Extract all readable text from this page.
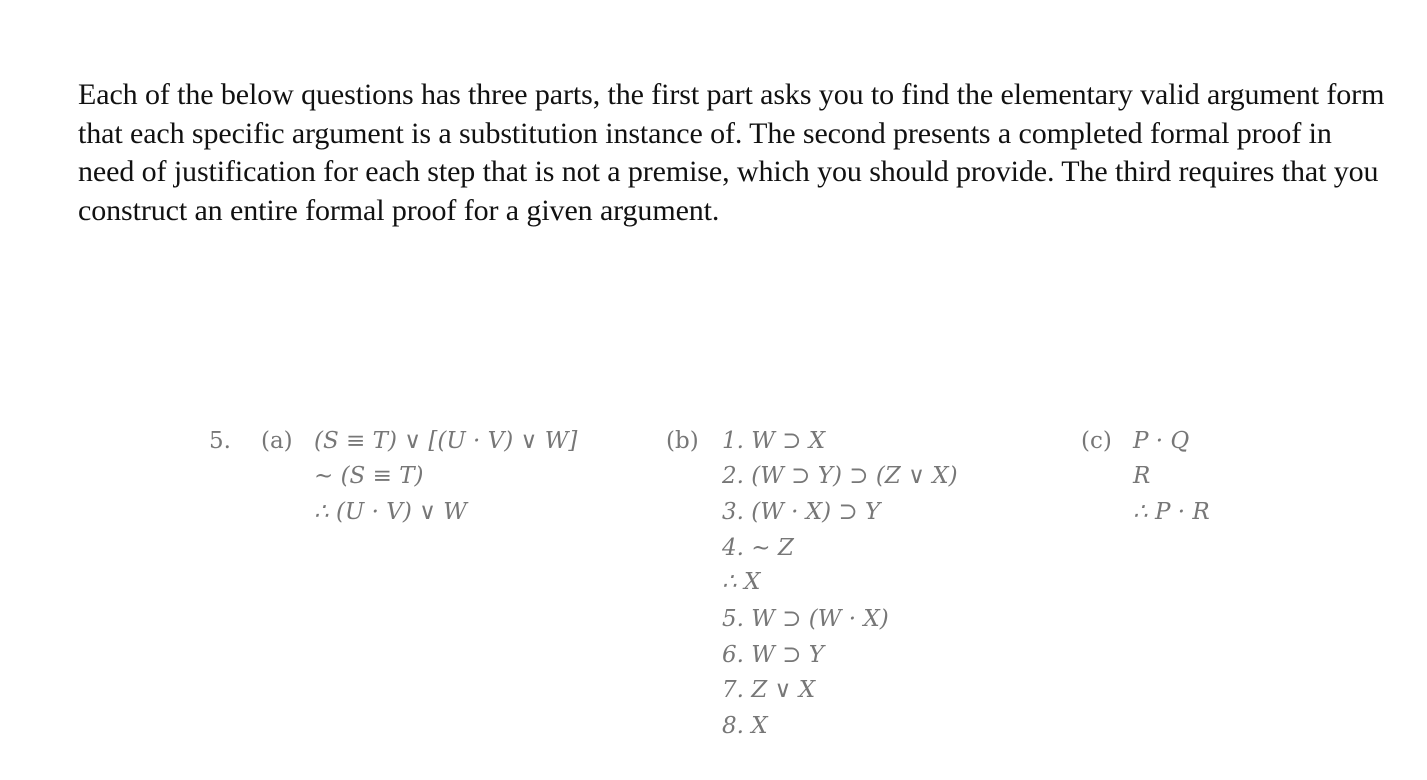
Each of the below questions has three parts, the first part asks you to find the elementary valid argument form that each specific argument is a substitution instance of. The second presents a completed formal proof in need of justification for each step that is not a premise, which you should provide. The third requires that you construct an entire formal proof for a given argument.

5. (a) (S ≡ T) ∨ [(U · V) ∨ W]
∼ (S ≡ T)
∴ (U · V) ∨ W
(b) 1. W ⊃ X
2. (W ⊃ Y) ⊃ (Z ∨ X)
3. (W · X) ⊃ Y
4. ∼ Z
∴ X
5. W ⊃ (W · X)
6. W ⊃ Y
7. Z ∨ X
8. X
(c) P · Q
R
∴ P · R
